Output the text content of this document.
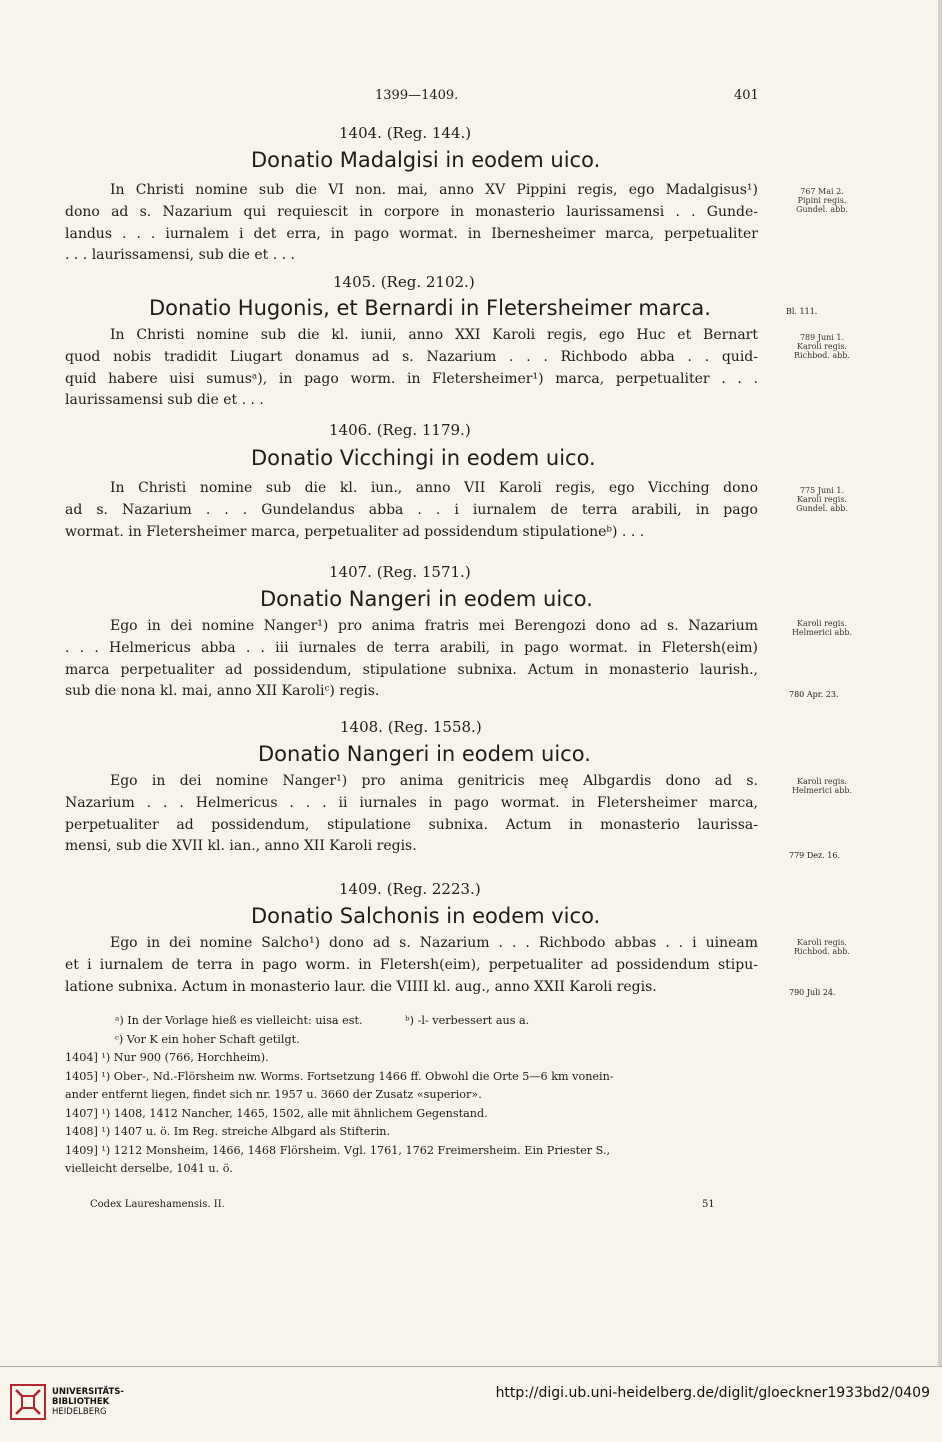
1399—1409.	401
1404. (Reg. 144.)
Donatio Madalgisi in eodem uico.
In Christi nomine sub die VI non. mai, anno XV Pippini regis, ego Madalgisus¹)
dono ad s. Nazarium qui requiescit in corpore in monasterio laurissamensi . . Gunde-
landus . . . iurnalem i det erra, in pago wormat. in Ibernesheimer marca, perpetualiter
. . . laurissamensi, sub die et . . .
767 Mai 2.
Pipini regis.
Gundel. abb.
1405. (Reg. 2102.)
Donatio Hugonis, et Bernardi in Fletersheimer marca.	Bl. 111.
In Christi nomine sub die kl. iunii, anno XXI Karoli regis, ego Huc et Bernart
quod nobis tradidit Liugart donamus ad s. Nazarium . . . Richbodo abba . . quid-
quid habere uisi sumusᵃ), in pago worm. in Fletersheimer¹) marca, perpetualiter . . .
laurissamensi sub die et . . .
789 Juni 1.
Karoli regis.
Richbod. abb.
1406. (Reg. 1179.)
Donatio Vicchingi in eodem uico.
In Christi nomine sub die kl. iun., anno VII Karoli regis, ego Vicching dono
ad s. Nazarium . . . Gundelandus abba . . i iurnalem de terra arabili, in pago
wormat. in Fletersheimer marca, perpetualiter ad possidendum stipulationeᵇ) . . .
775 Juni 1.
Karoli regis.
Gundel. abb.
1407. (Reg. 1571.)
Donatio Nangeri in eodem uico.
Ego in dei nomine Nanger¹) pro anima fratris mei Berengozi dono ad s. Nazarium
. . . Helmericus abba . . iii iurnales de terra arabili, in pago wormat. in Fletersh(eim)
marca perpetualiter ad possidendum, stipulatione subnixa. Actum in monasterio laurish.,
sub die nona kl. mai, anno XII Karoliᶜ) regis.
Karoli regis.
Helmerici abb.
780 Apr. 23.
1408. (Reg. 1558.)
Donatio Nangeri in eodem uico.
Ego in dei nomine Nanger¹) pro anima genitricis meę Albgardis dono ad s.
Nazarium . . . Helmericus . . . ii iurnales in pago wormat. in Fletersheimer marca,
perpetualiter ad possidendum, stipulatione subnixa. Actum in monasterio laurissa-
mensi, sub die XVII kl. ian., anno XII Karoli regis.
Karoli regis.
Helmerici abb.
779 Dez. 16.
1409. (Reg. 2223.)
Donatio Salchonis in eodem vico.
Ego in dei nomine Salcho¹) dono ad s. Nazarium . . . Richbodo abbas . . i uineam
et i iurnalem de terra in pago worm. in Fletersh(eim), perpetualiter ad possidendum stipu-
latione subnixa. Actum in monasterio laur. die VIIII kl. aug., anno XXII Karoli regis.
Karoli regis.
Richbod. abb.
790 Juli 24.
ᵃ) In der Vorlage hieß es vielleicht: uisa est.            ᵇ) -l- verbessert aus a.
ᶜ) Vor K ein hoher Schaft getilgt.
1404] ¹) Nur 900 (766, Horchheim).
1405] ¹) Ober-, Nd.-Flörsheim nw. Worms. Fortsetzung 1466 ff. Obwohl die Orte 5—6 km vonein-
ander entfernt liegen, findet sich nr. 1957 u. 3660 der Zusatz «superior».
1407] ¹) 1408, 1412 Nancher, 1465, 1502, alle mit ähnlichem Gegenstand.
1408] ¹) 1407 u. ö. Im Reg. streiche Albgard als Stifterin.
1409] ¹) 1212 Monsheim, 1466, 1468 Flörsheim. Vgl. 1761, 1762 Freimersheim. Ein Priester S.,
vielleicht derselbe, 1041 u. ö.
Codex Laureshamensis. II.	51
UNIVERSITÄTS-
BIBLIOTHEK
HEIDELBERG
http://digi.ub.uni-heidelberg.de/diglit/gloeckner1933bd2/0409
